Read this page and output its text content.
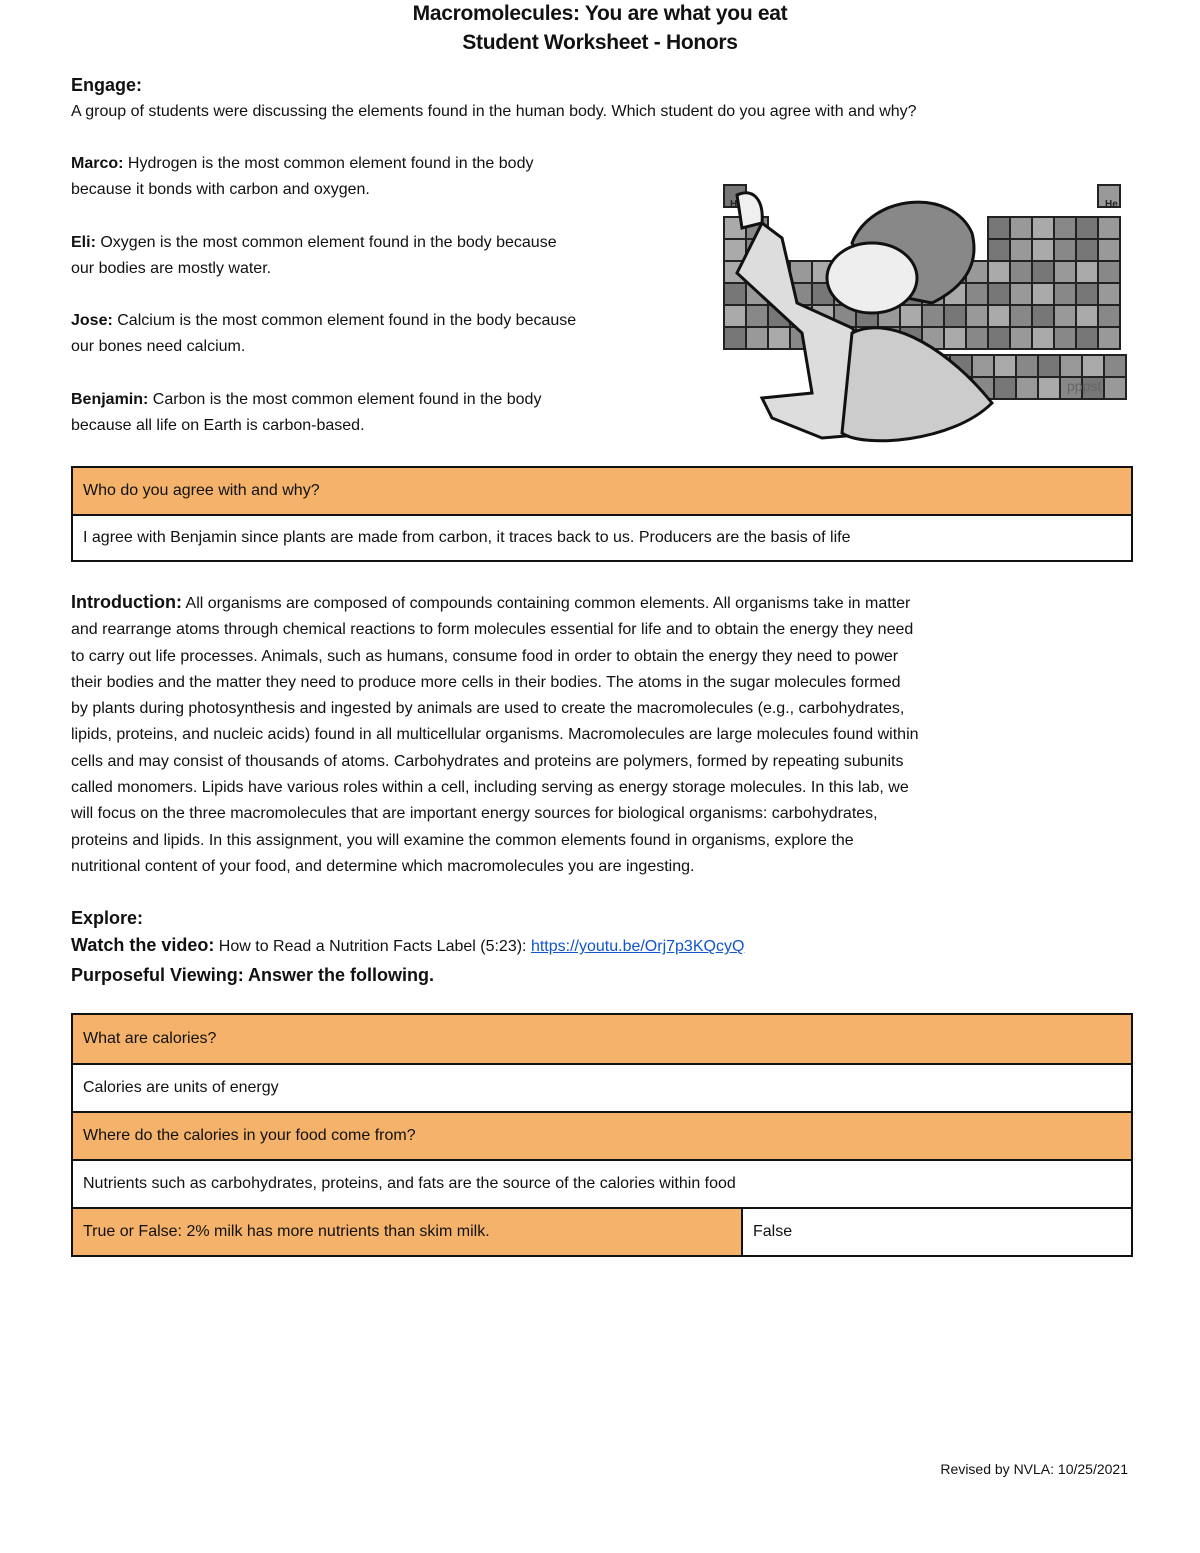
Macromolecules: You are what you eat
Student Worksheet - Honors
Engage:
A group of students were discussing the elements found in the human body. Which student do you agree with and why?
Marco: Hydrogen is the most common element found in the body
because it bonds with carbon and oxygen.
Eli: Oxygen is the most common element found in the body because
our bodies are mostly water.
Jose: Calcium is the most common element found in the body because
our bones need calcium.
Benjamin: Carbon is the most common element found in the body
because all life on Earth is carbon-based.
H	He
pppst
Who do you agree with and why?
I agree with Benjamin since plants are made from carbon, it traces back to us. Producers are the basis of life
Introduction: All organisms are composed of compounds containing common elements. All organisms take in matter
and rearrange atoms through chemical reactions to form molecules essential for life and to obtain the energy they need
to carry out life processes. Animals, such as humans, consume food in order to obtain the energy they need to power
their bodies and the matter they need to produce more cells in their bodies. The atoms in the sugar molecules formed
by plants during photosynthesis and ingested by animals are used to create the macromolecules (e.g., carbohydrates,
lipids, proteins, and nucleic acids) found in all multicellular organisms. Macromolecules are large molecules found within
cells and may consist of thousands of atoms. Carbohydrates and proteins are polymers, formed by repeating subunits
called monomers. Lipids have various roles within a cell, including serving as energy storage molecules. In this lab, we
will focus on the three macromolecules that are important energy sources for biological organisms: carbohydrates,
proteins and lipids. In this assignment, you will examine the common elements found in organisms, explore the
nutritional content of your food, and determine which macromolecules you are ingesting.
Explore:
Watch the video: How to Read a Nutrition Facts Label (5:23): https://youtu.be/Orj7p3KQcyQ
Purposeful Viewing: Answer the following.
What are calories?
Calories are units of energy
Where do the calories in your food come from?
Nutrients such as carbohydrates, proteins, and fats are the source of the calories within food
True or False: 2% milk has more nutrients than skim milk.	False
Revised by NVLA: 10/25/2021
